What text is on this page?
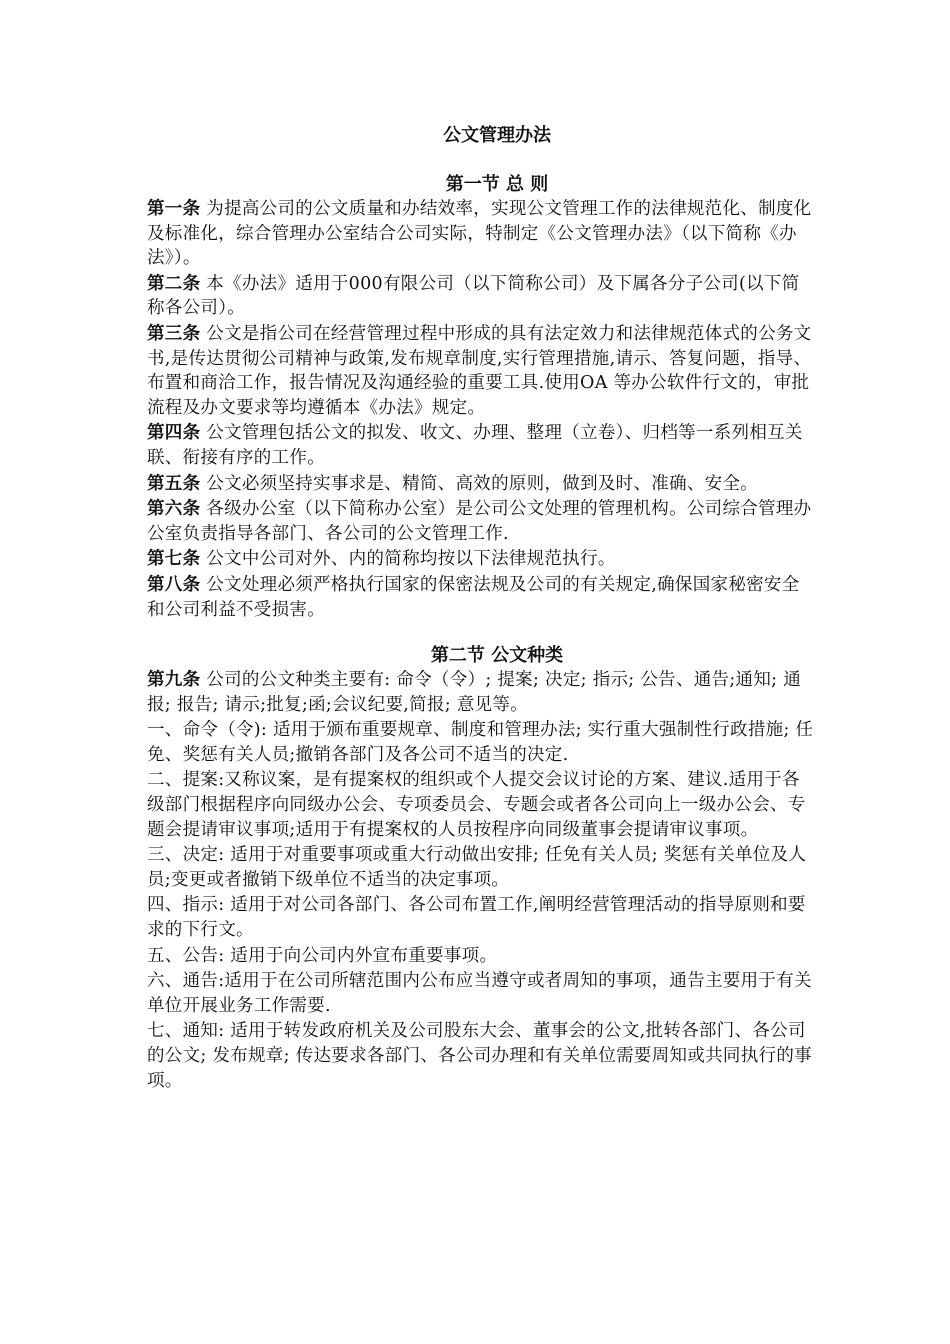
公文管理办法
第一节 总 则

第一条 为提高公司的公文质量和办结效率，实现公文管理工作的法律规范化、制度化及标准化，综合管理办公室结合公司实际，特制定《公文管理办法》（以下简称《办法》）。

第二条 本《办法》适用于000有限公司（以下简称公司）及下属各分子公司(以下简称各公司）。

第三条 公文是指公司在经营管理过程中形成的具有法定效力和法律规范体式的公务文书,是传达贯彻公司精神与政策,发布规章制度,实行管理措施,请示、答复问题，指导、布置和商洽工作，报告情况及沟通经验的重要工具.使用OA 等办公软件行文的，审批流程及办文要求等均遵循本《办法》规定。

第四条 公文管理包括公文的拟发、收文、办理、整理（立卷）、归档等一系列相互关联、衔接有序的工作。

第五条 公文必须坚持实事求是、精简、高效的原则，做到及时、准确、安全。

第六条 各级办公室（以下简称办公室）是公司公文处理的管理机构。公司综合管理办公室负责指导各部门、各公司的公文管理工作.

第七条 公文中公司对外、内的简称均按以下法律规范执行。

第八条 公文处理必须严格执行国家的保密法规及公司的有关规定,确保国家秘密安全和公司利益不受损害。

第二节 公文种类

第九条 公司的公文种类主要有: 命令（令）; 提案; 决定; 指示; 公告、通告;通知; 通报; 报告; 请示;批复;函;会议纪要,简报; 意见等。

一、命令（令): 适用于颁布重要规章、制度和管理办法; 实行重大强制性行政措施; 任免、奖惩有关人员;撤销各部门及各公司不适当的决定.

二、提案:又称议案，是有提案权的组织或个人提交会议讨论的方案、建议.适用于各级部门根据程序向同级办公会、专项委员会、专题会或者各公司向上一级办公会、专题会提请审议事项;适用于有提案权的人员按程序向同级董事会提请审议事项。

三、决定: 适用于对重要事项或重大行动做出安排; 任免有关人员; 奖惩有关单位及人员;变更或者撤销下级单位不适当的决定事项。

四、指示: 适用于对公司各部门、各公司布置工作,阐明经营管理活动的指导原则和要求的下行文。

五、公告: 适用于向公司内外宣布重要事项。

六、通告:适用于在公司所辖范围内公布应当遵守或者周知的事项，通告主要用于有关单位开展业务工作需要.

七、通知: 适用于转发政府机关及公司股东大会、董事会的公文,批转各部门、各公司的公文; 发布规章; 传达要求各部门、各公司办理和有关单位需要周知或共同执行的事项。
